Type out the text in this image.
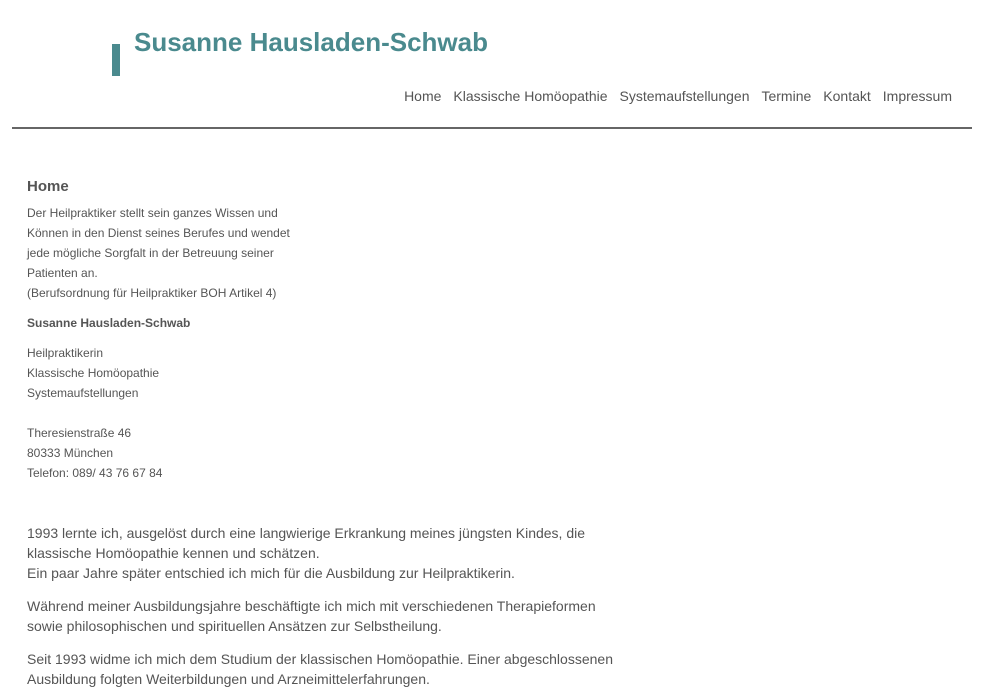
Susanne Hausladen-Schwab
Home Klassische Homöopathie Systemaufstellungen Termine Kontakt Impressum
Home

Der Heilpraktiker stellt sein ganzes Wissen und

Können in den Dienst seines Berufes und wendet

jede mögliche Sorgfalt in der Betreuung seiner

Patienten an.

(Berufsordnung für Heilpraktiker BOH Artikel 4)

Susanne Hausladen-Schwab

Heilpraktikerin

Klassische Homöopathie

Systemaufstellungen

Theresienstraße 46

80333 München

Telefon: 089/ 43 76 67 84

1993 lernte ich, ausgelöst durch eine langwierige Erkrankung meines jüngsten Kindes, die

klassische Homöopathie kennen und schätzen.

Ein paar Jahre später entschied ich mich für die Ausbildung zur Heilpraktikerin.

Während meiner Ausbildungsjahre beschäftigte ich mich mit verschiedenen Therapieformen

sowie philosophischen und spirituellen Ansätzen zur Selbstheilung.

Seit 1993 widme ich mich dem Studium der klassischen Homöopathie. Einer abgeschlossenen

Ausbildung folgten Weiterbildungen und Arzneimittelerfahrungen.
